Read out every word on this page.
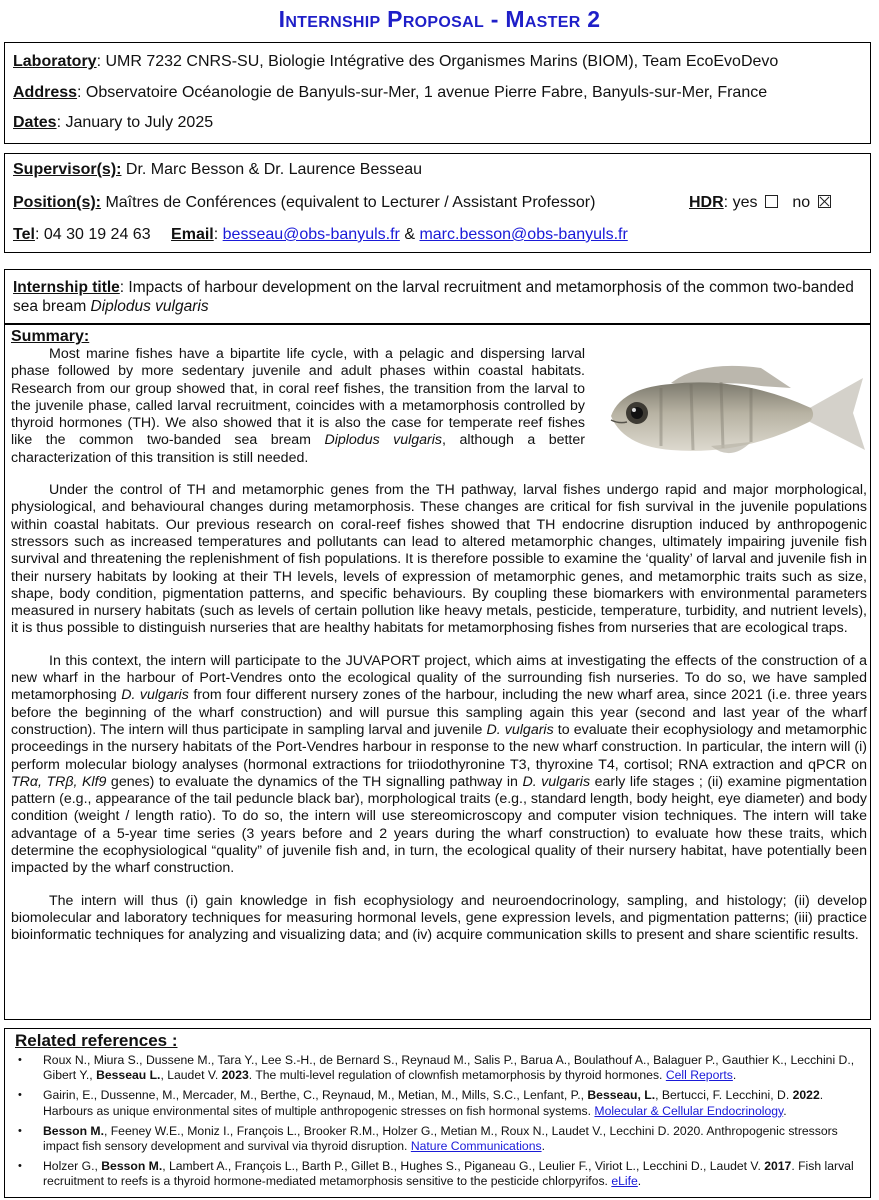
Internship Proposal - Master 2
Laboratory: UMR 7232 CNRS-SU, Biologie Intégrative des Organismes Marins (BIOM), Team EcoEvoDevo
Address: Observatoire Océanologie de Banyuls-sur-Mer, 1 avenue Pierre Fabre, Banyuls-sur-Mer, France
Dates: January to July 2025
Supervisor(s): Dr. Marc Besson & Dr. Laurence Besseau
Position(s): Maîtres de Conférences (equivalent to Lecturer / Assistant Professor)	HDR: yes no
Tel: 04 30 19 24 63 Email: besseau@obs-banyuls.fr & marc.besson@obs-banyuls.fr
Internship title: Impacts of harbour development on the larval recruitment and metamorphosis of the common two-banded sea bream Diplodus vulgaris
Summary:

Most marine fishes have a bipartite life cycle, with a pelagic and dispersing larval phase followed by more sedentary juvenile and adult phases within coastal habitats. Research from our group showed that, in coral reef fishes, the transition from the larval to the juvenile phase, called larval recruitment, coincides with a metamorphosis controlled by thyroid hormones (TH). We also showed that it is also the case for temperate reef fishes like the common two-banded sea bream Diplodus vulgaris, although a better characterization of this transition is still needed.

Under the control of TH and metamorphic genes from the TH pathway, larval fishes undergo rapid and major morphological, physiological, and behavioural changes during metamorphosis. These changes are critical for fish survival in the juvenile populations within coastal habitats. Our previous research on coral-reef fishes showed that TH endocrine disruption induced by anthropogenic stressors such as increased temperatures and pollutants can lead to altered metamorphic changes, ultimately impairing juvenile fish survival and threatening the replenishment of fish populations. It is therefore possible to examine the ‘quality’ of larval and juvenile fish in their nursery habitats by looking at their TH levels, levels of expression of metamorphic genes, and metamorphic traits such as size, shape, body condition, pigmentation patterns, and specific behaviours. By coupling these biomarkers with environmental parameters measured in nursery habitats (such as levels of certain pollution like heavy metals, pesticide, temperature, turbidity, and nutrient levels), it is thus possible to distinguish nurseries that are healthy habitats for metamorphosing fishes from nurseries that are ecological traps.

In this context, the intern will participate to the JUVAPORT project, which aims at investigating the effects of the construction of a new wharf in the harbour of Port-Vendres onto the ecological quality of the surrounding fish nurseries. To do so, we have sampled metamorphosing D. vulgaris from four different nursery zones of the harbour, including the new wharf area, since 2021 (i.e. three years before the beginning of the wharf construction) and will pursue this sampling again this year (second and last year of the wharf construction). The intern will thus participate in sampling larval and juvenile D. vulgaris to evaluate their ecophysiology and metamorphic proceedings in the nursery habitats of the Port-Vendres harbour in response to the new wharf construction. In particular, the intern will (i) perform molecular biology analyses (hormonal extractions for triiodothyronine T3, thyroxine T4, cortisol; RNA extraction and qPCR on TRα, TRβ, Klf9 genes) to evaluate the dynamics of the TH signalling pathway in D. vulgaris early life stages ; (ii) examine pigmentation pattern (e.g., appearance of the tail peduncle black bar), morphological traits (e.g., standard length, body height, eye diameter) and body condition (weight / length ratio). To do so, the intern will use stereomicroscopy and computer vision techniques. The intern will take advantage of a 5-year time series (3 years before and 2 years during the wharf construction) to evaluate how these traits, which determine the ecophysiological “quality” of juvenile fish and, in turn, the ecological quality of their nursery habitat, have potentially been impacted by the wharf construction.

The intern will thus (i) gain knowledge in fish ecophysiology and neuroendocrinology, sampling, and histology; (ii) develop biomolecular and laboratory techniques for measuring hormonal levels, gene expression levels, and pigmentation patterns; (iii) practice bioinformatic techniques for analyzing and visualizing data; and (iv) acquire communication skills to present and share scientific results.

Related references :
• Roux N., Miura S., Dussene M., Tara Y., Lee S.-H., de Bernard S., Reynaud M., Salis P., Barua A., Boulathouf A., Balaguer P., Gauthier K., Lecchini D., Gibert Y., Besseau L., Laudet V. 2023. The multi-level regulation of clownfish metamorphosis by thyroid hormones. Cell Reports.
• Gairin, E., Dussenne, M., Mercader, M., Berthe, C., Reynaud, M., Metian, M., Mills, S.C., Lenfant, P., Besseau, L., Bertucci, F. Lecchini, D. 2022. Harbours as unique environmental sites of multiple anthropogenic stresses on fish hormonal systems. Molecular & Cellular Endocrinology.
• Besson M., Feeney W.E., Moniz I., François L., Brooker R.M., Holzer G., Metian M., Roux N., Laudet V., Lecchini D. 2020. Anthropogenic stressors impact fish sensory development and survival via thyroid disruption. Nature Communications.
• Holzer G., Besson M., Lambert A., François L., Barth P., Gillet B., Hughes S., Piganeau G., Leulier F., Viriot L., Lecchini D., Laudet V. 2017. Fish larval recruitment to reefs is a thyroid hormone-mediated metamorphosis sensitive to the pesticide chlorpyrifos. eLife.
